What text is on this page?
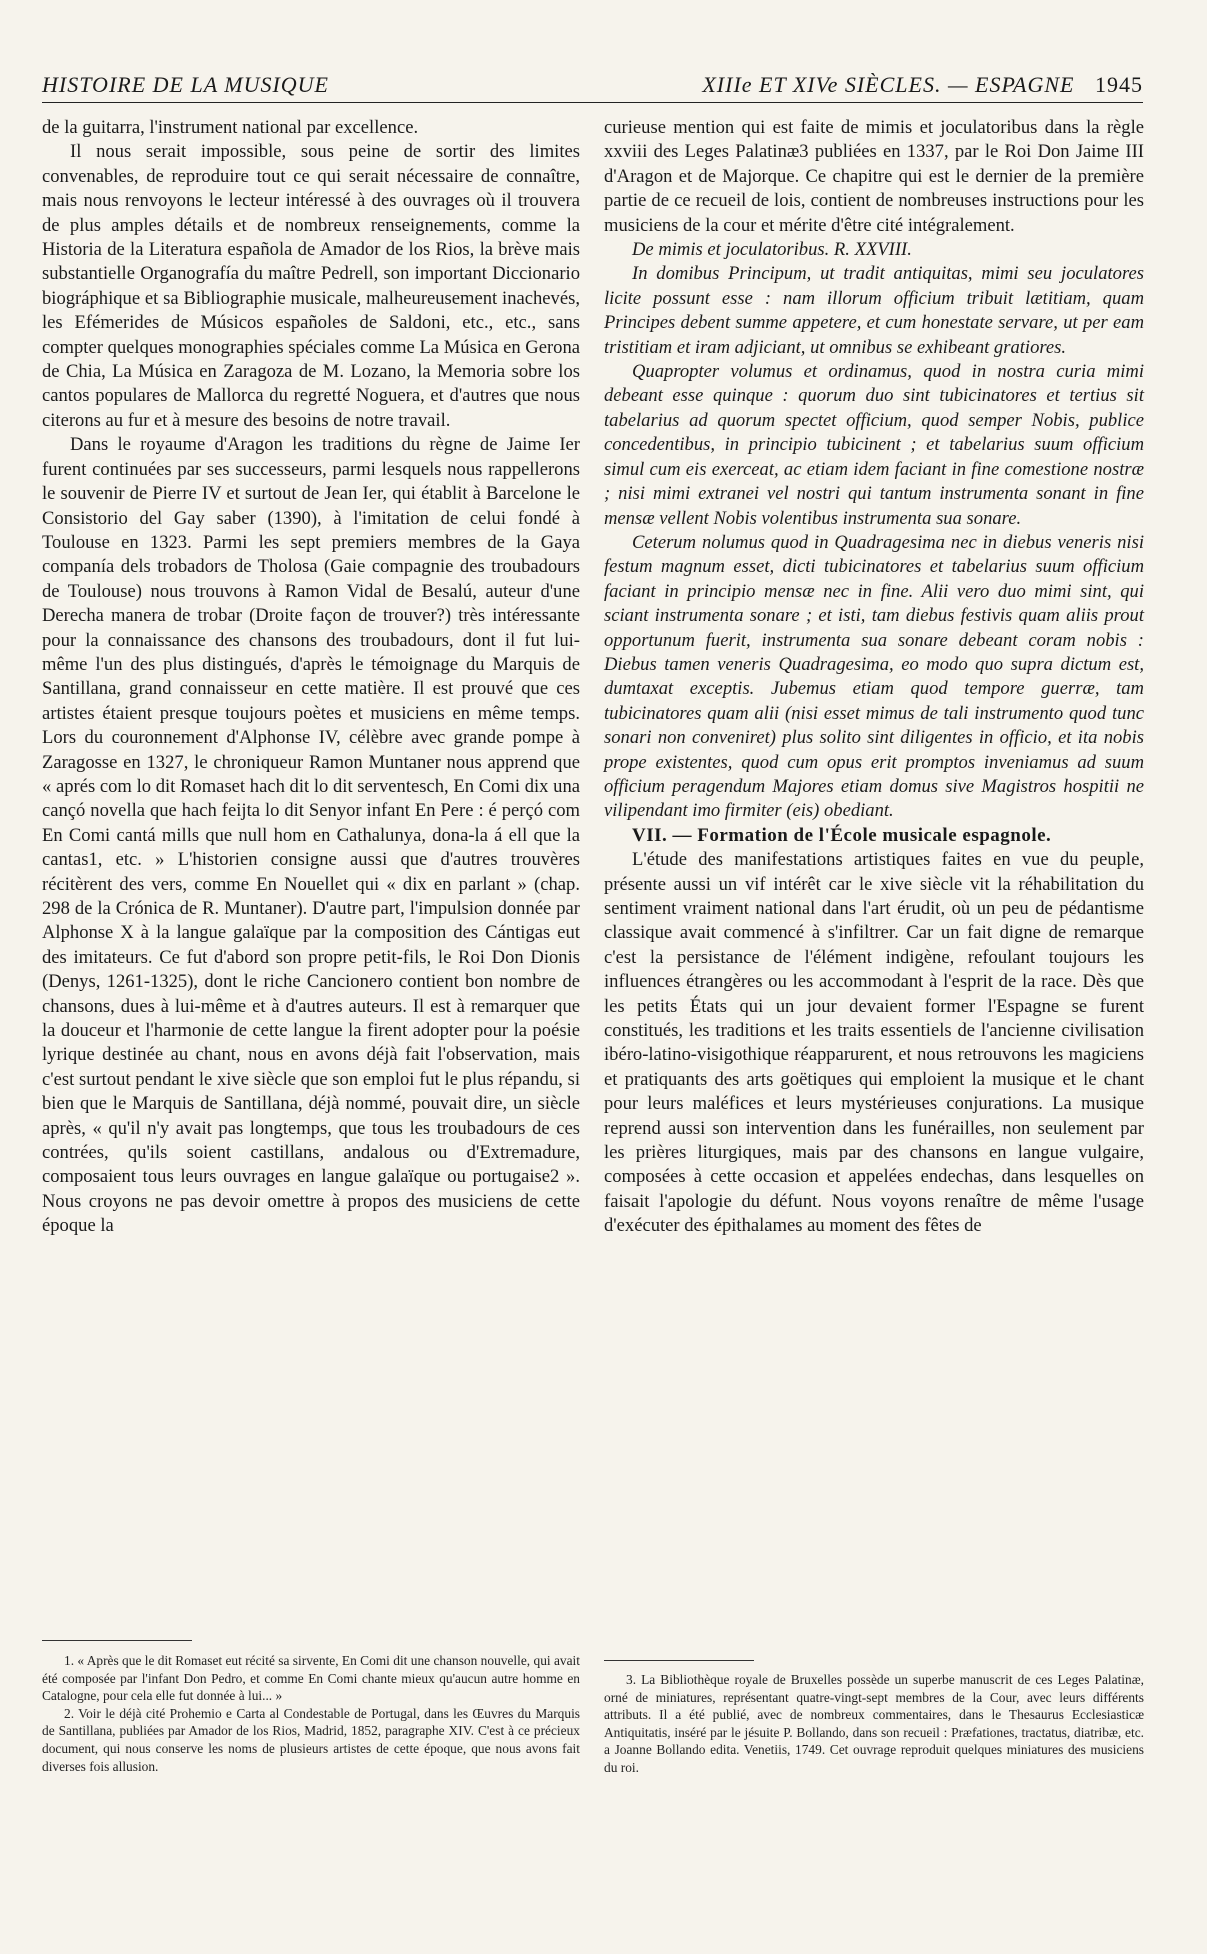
HISTOIRE DE LA MUSIQUE	XIIIe ET XIVe SIÈCLES. — ESPAGNE 1945

de la guitarra, l'instrument national par excellence.

Il nous serait impossible, sous peine de sortir des limites convenables, de reproduire tout ce qui serait nécessaire de connaître, mais nous renvoyons le lecteur intéressé à des ouvrages où il trouvera de plus amples détails et de nombreux renseignements, comme la Historia de la Literatura española de Amador de los Rios, la brève mais substantielle Organografía du maître Pedrell, son important Diccionario biográphique et sa Bibliographie musicale, malheureusement inachevés, les Efémerides de Músicos españoles de Saldoni, etc., etc., sans compter quelques monographies spéciales comme La Música en Gerona de Chia, La Música en Zaragoza de M. Lozano, la Memoria sobre los cantos populares de Mallorca du regretté Noguera, et d'autres que nous citerons au fur et à mesure des besoins de notre travail.

Dans le royaume d'Aragon les traditions du règne de Jaime Ier furent continuées par ses successeurs, parmi lesquels nous rappellerons le souvenir de Pierre IV et surtout de Jean Ier, qui établit à Barcelone le Consistorio del Gay saber (1390), à l'imitation de celui fondé à Toulouse en 1323. Parmi les sept premiers membres de la Gaya companía dels trobadors de Tholosa (Gaie compagnie des troubadours de Toulouse) nous trouvons à Ramon Vidal de Besalú, auteur d'une Derecha manera de trobar (Droite façon de trouver?) très intéressante pour la connaissance des chansons des troubadours, dont il fut lui-même l'un des plus distingués, d'après le témoignage du Marquis de Santillana, grand connaisseur en cette matière. Il est prouvé que ces artistes étaient presque toujours poètes et musiciens en même temps. Lors du couronnement d'Alphonse IV, célèbre avec grande pompe à Zaragosse en 1327, le chroniqueur Ramon Muntaner nous apprend que « aprés com lo dit Romaset hach dit lo dit serventesch, En Comi dix una cançó novella que hach feijta lo dit Senyor infant En Pere : é perçó com En Comi cantá mills que null hom en Cathalunya, dona-la á ell que la cantas1, etc. » L'historien consigne aussi que d'autres trouvères récitèrent des vers, comme En Nouellet qui « dix en parlant » (chap. 298 de la Crónica de R. Muntaner). D'autre part, l'impulsion donnée par Alphonse X à la langue galaïque par la composition des Cántigas eut des imitateurs. Ce fut d'abord son propre petit-fils, le Roi Don Dionis (Denys, 1261-1325), dont le riche Cancionero contient bon nombre de chansons, dues à lui-même et à d'autres auteurs. Il est à remarquer que la douceur et l'harmonie de cette langue la firent adopter pour la poésie lyrique destinée au chant, nous en avons déjà fait l'observation, mais c'est surtout pendant le xive siècle que son emploi fut le plus répandu, si bien que le Marquis de Santillana, déjà nommé, pouvait dire, un siècle après, « qu'il n'y avait pas longtemps, que tous les troubadours de ces contrées, qu'ils soient castillans, andalous ou d'Extremadure, composaient tous leurs ouvrages en langue galaïque ou portugaise2 ». Nous croyons ne pas devoir omettre à propos des musiciens de cette époque la

curieuse mention qui est faite de mimis et joculatoribus dans la règle xxviii des Leges Palatinæ3 publiées en 1337, par le Roi Don Jaime III d'Aragon et de Majorque. Ce chapitre qui est le dernier de la première partie de ce recueil de lois, contient de nombreuses instructions pour les musiciens de la cour et mérite d'être cité intégralement.

De mimis et joculatoribus. R. XXVIII.

In domibus Principum, ut tradit antiquitas, mimi seu joculatores licite possunt esse : nam illorum officium tribuit lætitiam, quam Principes debent summe appetere, et cum honestate servare, ut per eam tristitiam et iram adjiciant, ut omnibus se exhibeant gratiores.

Quapropter volumus et ordinamus, quod in nostra curia mimi debeant esse quinque : quorum duo sint tubicinatores et tertius sit tabelarius ad quorum spectet officium, quod semper Nobis, publice concedentibus, in principio tubicinent ; et tabelarius suum officium simul cum eis exerceat, ac etiam idem faciant in fine comestione nostræ ; nisi mimi extranei vel nostri qui tantum instrumenta sonant in fine mensæ vellent Nobis volentibus instrumenta sua sonare.

Ceterum nolumus quod in Quadragesima nec in diebus veneris nisi festum magnum esset, dicti tubicinatores et tabelarius suum officium faciant in principio mensæ nec in fine. Alii vero duo mimi sint, qui sciant instrumenta sonare ; et isti, tam diebus festivis quam aliis prout opportunum fuerit, instrumenta sua sonare debeant coram nobis : Diebus tamen veneris Quadragesima, eo modo quo supra dictum est, dumtaxat exceptis. Jubemus etiam quod tempore guerræ, tam tubicinatores quam alii (nisi esset mimus de tali instrumento quod tunc sonari non conveniret) plus solito sint diligentes in officio, et ita nobis prope existentes, quod cum opus erit promptos inveniamus ad suum officium peragendum Majores etiam domus sive Magistros hospitii ne vilipendant imo firmiter (eis) obediant.

VII. — Formation de l'École musicale espagnole.

L'étude des manifestations artistiques faites en vue du peuple, présente aussi un vif intérêt car le xive siècle vit la réhabilitation du sentiment vraiment national dans l'art érudit, où un peu de pédantisme classique avait commencé à s'infiltrer. Car un fait digne de remarque c'est la persistance de l'élément indigène, refoulant toujours les influences étrangères ou les accommodant à l'esprit de la race. Dès que les petits États qui un jour devaient former l'Espagne se furent constitués, les traditions et les traits essentiels de l'ancienne civilisation ibéro-latino-visigothique réapparurent, et nous retrouvons les magiciens et pratiquants des arts goëtiques qui emploient la musique et le chant pour leurs maléfices et leurs mystérieuses conjurations. La musique reprend aussi son intervention dans les funérailles, non seulement par les prières liturgiques, mais par des chansons en langue vulgaire, composées à cette occasion et appelées endechas, dans lesquelles on faisait l'apologie du défunt. Nous voyons renaître de même l'usage d'exécuter des épithalames au moment des fêtes de

1. « Après que le dit Romaset eut récité sa sirvente, En Comi dit une chanson nouvelle, qui avait été composée par l'infant Don Pedro, et comme En Comi chante mieux qu'aucun autre homme en Catalogne, pour cela elle fut donnée à lui... »

2. Voir le déjà cité Prohemio e Carta al Condestable de Portugal, dans les Œuvres du Marquis de Santillana, publiées par Amador de los Rios, Madrid, 1852, paragraphe XIV. C'est à ce précieux document, qui nous conserve les noms de plusieurs artistes de cette époque, que nous avons fait diverses fois allusion.

3. La Bibliothèque royale de Bruxelles possède un superbe manuscrit de ces Leges Palatinæ, orné de miniatures, représentant quatre-vingt-sept membres de la Cour, avec leurs différents attributs. Il a été publié, avec de nombreux commentaires, dans le Thesaurus Ecclesiasticæ Antiquitatis, inséré par le jésuite P. Bollando, dans son recueil : Præfationes, tractatus, diatribæ, etc. a Joanne Bollando edita. Venetiis, 1749. Cet ouvrage reproduit quelques miniatures des musiciens du roi.
